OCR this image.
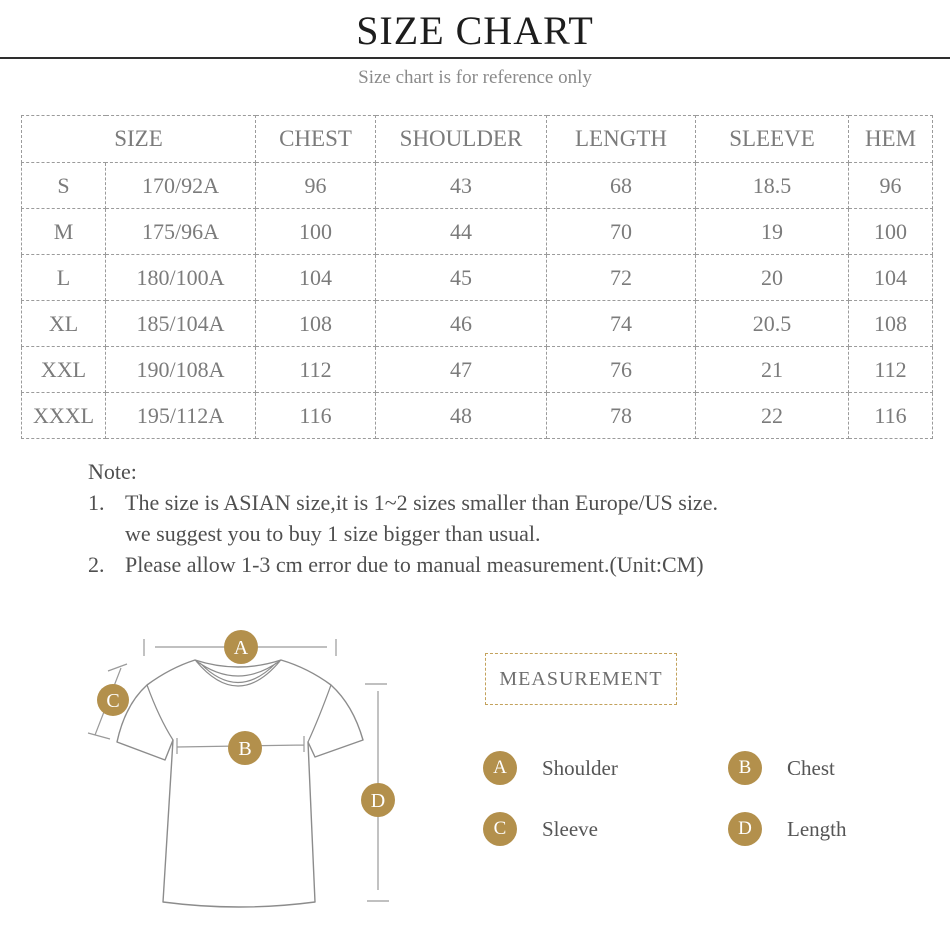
SIZE CHART

Size chart is for reference only

SIZE		CHEST	SHOULDER	LENGTH	SLEEVE	HEM
S	170/92A	96	43	68	18.5	96
M	175/96A	100	44	70	19	100
L	180/100A	104	45	72	20	104
XL	185/104A	108	46	74	20.5	108
XXL	190/108A	112	47	76	21	112
XXXL	195/112A	116	48	78	22	116
Note:
1. The size is ASIAN size,it is 1~2 sizes smaller than Europe/US size.
we suggest you to buy 1 size bigger than usual.
2. Please allow 1-3 cm error due to manual measurement.(Unit:CM)
A
B
C
D
MEASUREMENT
A	Shoulder	B	Chest
C	Sleeve	D	Length
